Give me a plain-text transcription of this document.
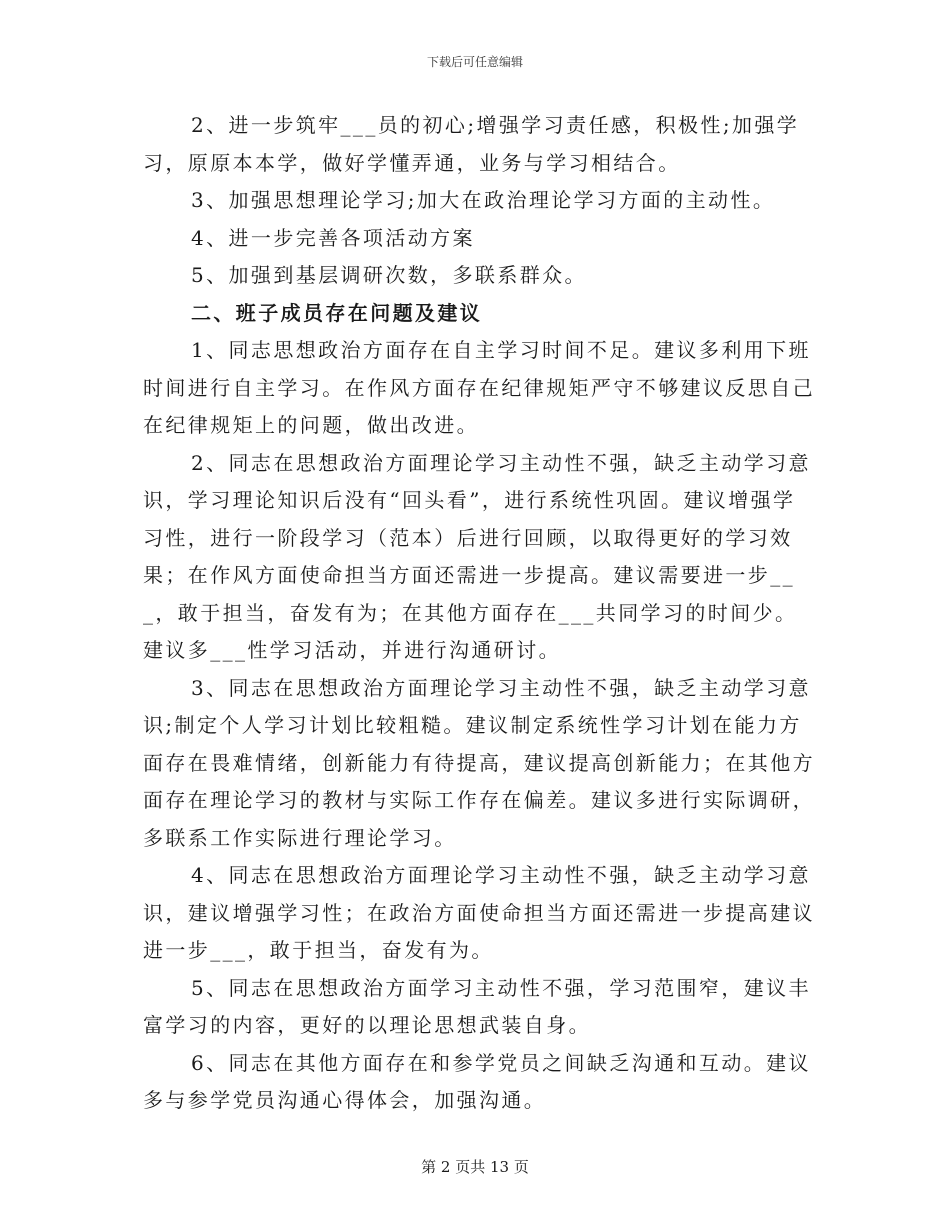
下载后可任意编辑

2、进一步筑牢___员的初心;增强学习责任感，积极性;加强学习，原原本本学，做好学懂弄通，业务与学习相结合。

3、加强思想理论学习;加大在政治理论学习方面的主动性。

4、进一步完善各项活动方案

5、加强到基层调研次数，多联系群众。

二、班子成员存在问题及建议

1、同志思想政治方面存在自主学习时间不足。建议多利用下班时间进行自主学习。在作风方面存在纪律规矩严守不够建议反思自己在纪律规矩上的问题，做出改进。

2、同志在思想政治方面理论学习主动性不强，缺乏主动学习意识，学习理论知识后没有“回头看”，进行系统性巩固。建议增强学习性，进行一阶段学习（范本）后进行回顾，以取得更好的学习效果；在作风方面使命担当方面还需进一步提高。建议需要进一步___，敢于担当，奋发有为；在其他方面存在___共同学习的时间少。建议多___性学习活动，并进行沟通研讨。

3、同志在思想政治方面理论学习主动性不强，缺乏主动学习意识;制定个人学习计划比较粗糙。建议制定系统性学习计划在能力方面存在畏难情绪，创新能力有待提高，建议提高创新能力；在其他方面存在理论学习的教材与实际工作存在偏差。建议多进行实际调研，多联系工作实际进行理论学习。

4、同志在思想政治方面理论学习主动性不强，缺乏主动学习意识，建议增强学习性；在政治方面使命担当方面还需进一步提高建议进一步___，敢于担当，奋发有为。

5、同志在思想政治方面学习主动性不强，学习范围窄，建议丰富学习的内容，更好的以理论思想武装自身。

6、同志在其他方面存在和参学党员之间缺乏沟通和互动。建议多与参学党员沟通心得体会，加强沟通。

第 2 页共 13 页
